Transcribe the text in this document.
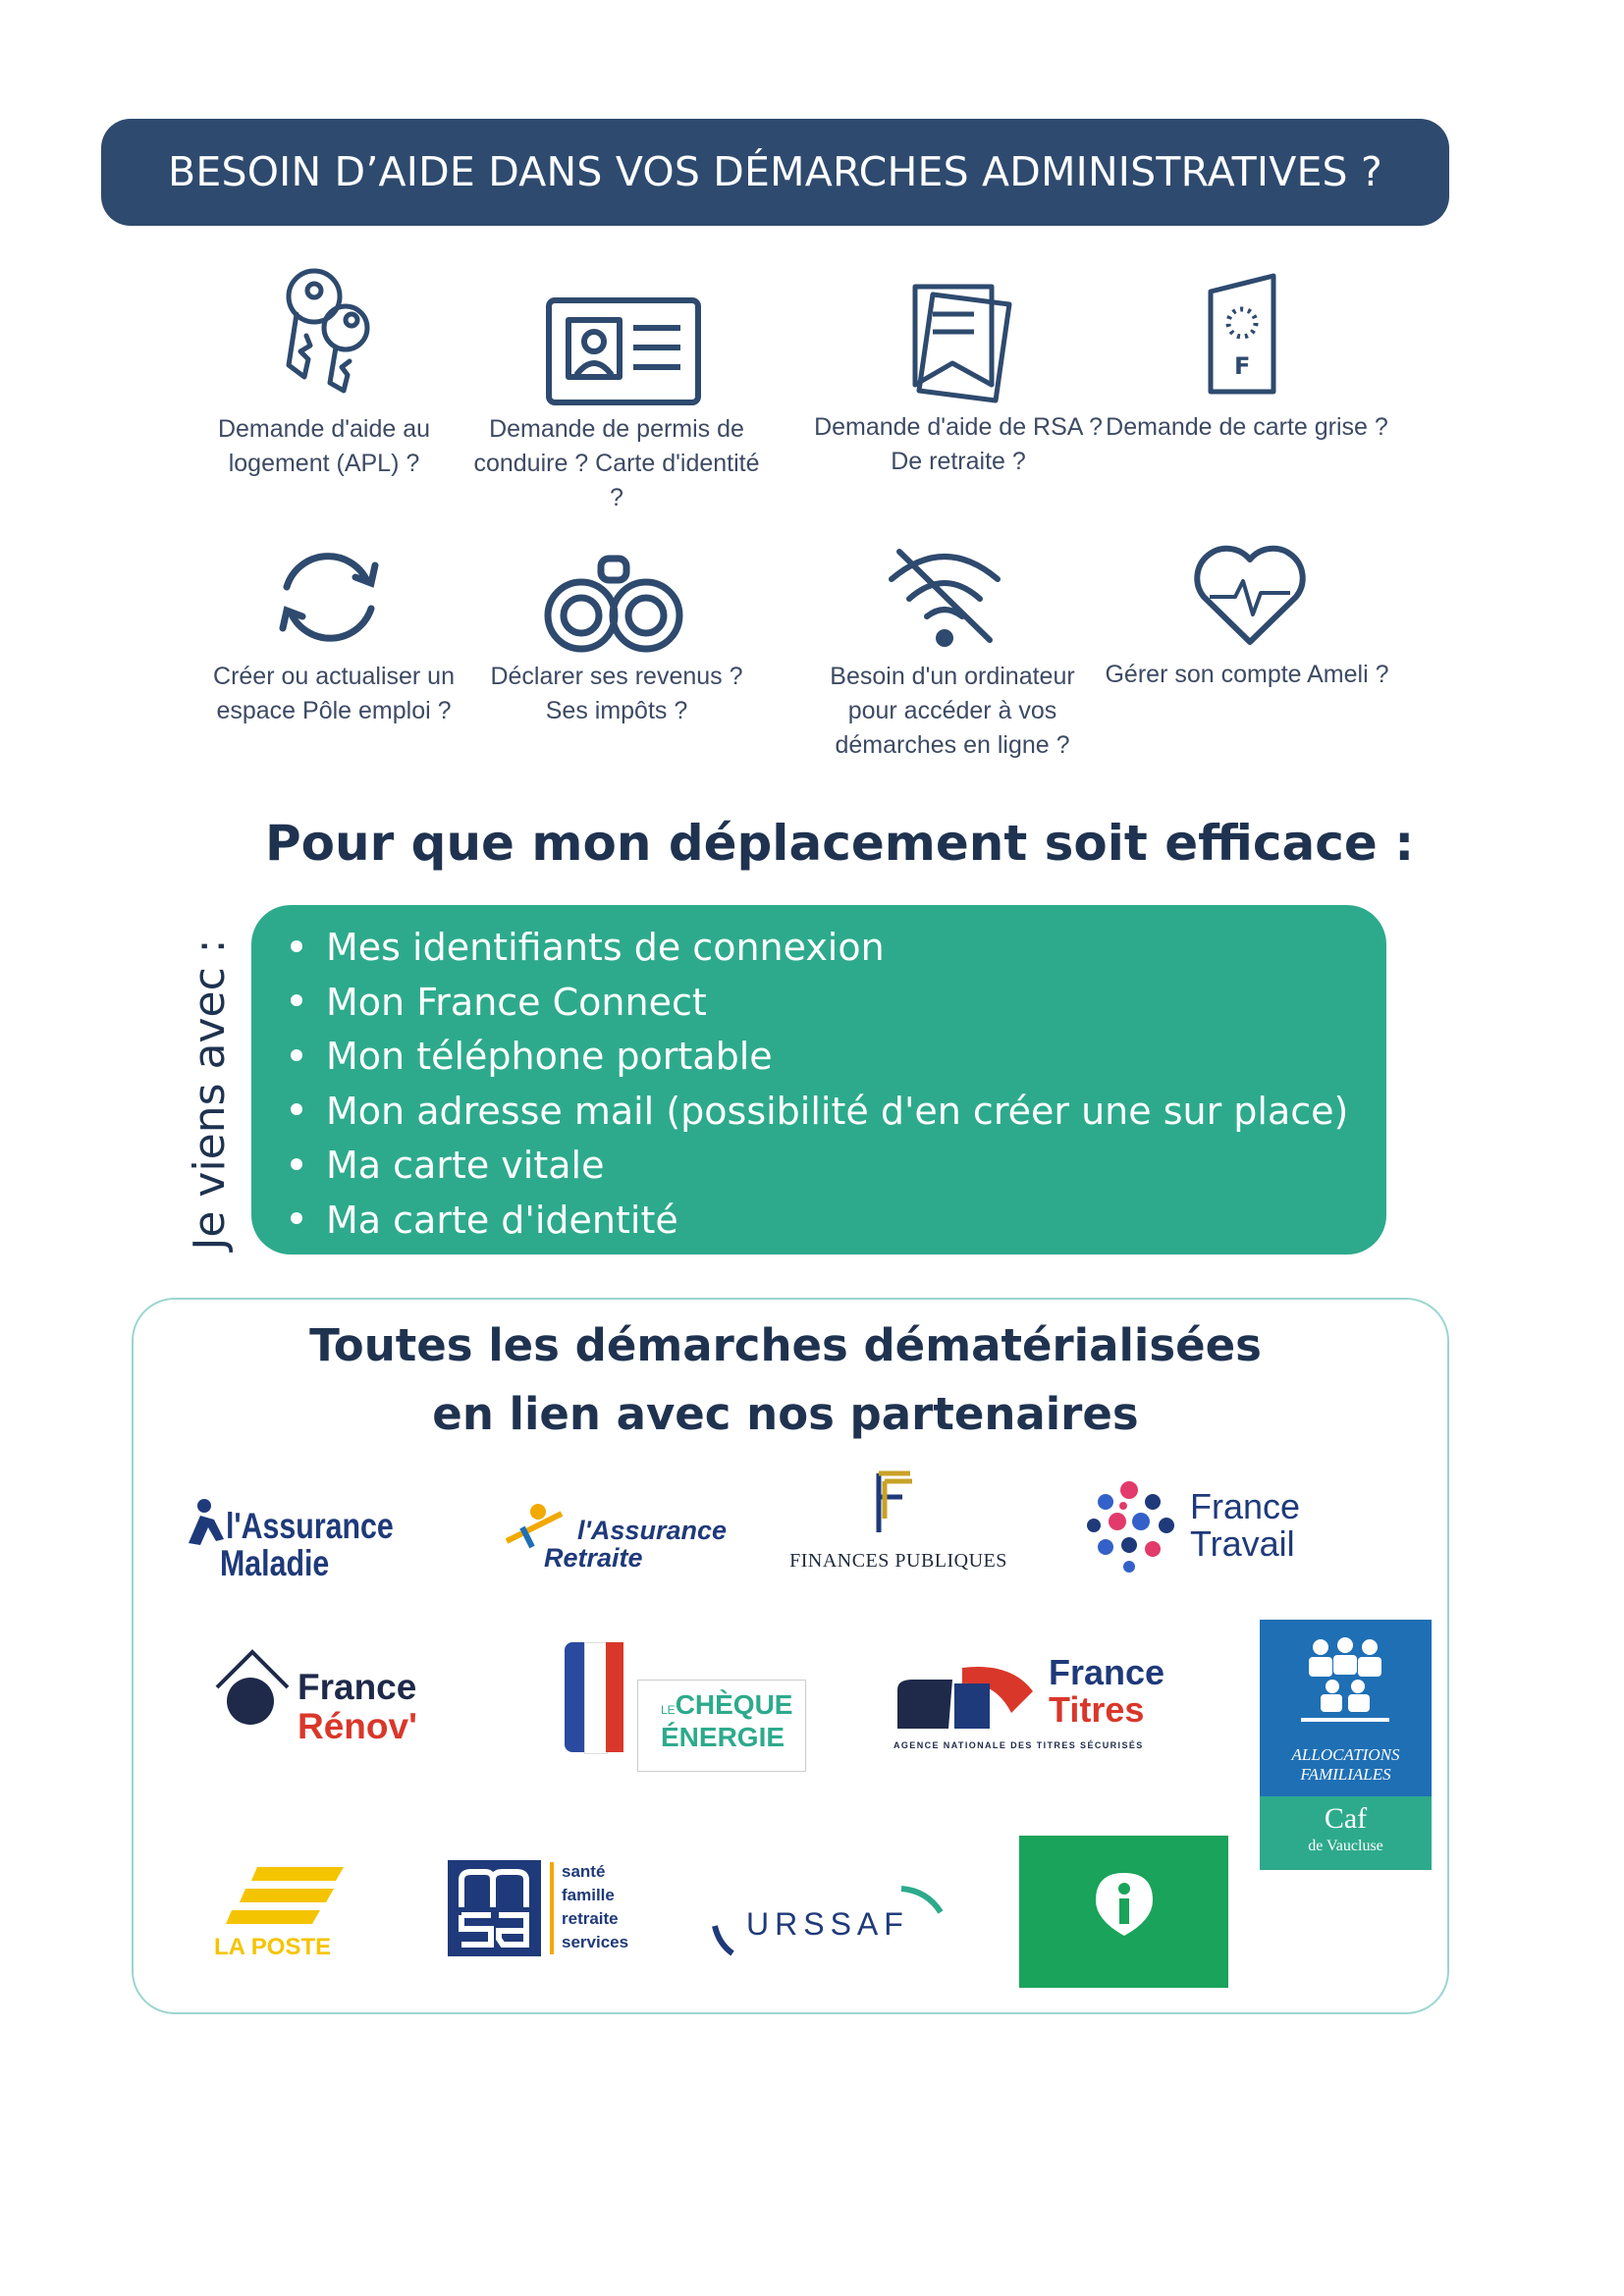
BESOIN D’AIDE DANS VOS DÉMARCHES ADMINISTRATIVES ?
F
Demande d'aide au logement (APL) ?
Demande de permis de conduire ? Carte d'identité ?
Demande d'aide de RSA ? De retraite ?
Demande de carte grise ?
Créer ou actualiser un espace Pôle emploi ?
Déclarer ses revenus ? Ses impôts ?
Besoin d'un ordinateur pour accéder à vos démarches en ligne ?
Gérer son compte Ameli ?
Pour que mon déplacement soit efficace :
Je viens avec :	Mes identifiants de connexion
Mon France Connect
Mon téléphone portable
Mon adresse mail (possibilité d'en créer une sur place)
Ma carte vitale
Ma carte d'identité
Toutes les démarches dématérialisées
en lien avec nos partenaires
l'Assurance
Maladie
l'Assurance
Retraite	FINANCES PUBLIQUES
France
Travail
France
Rénov'	LECHÈQUE
ÉNERGIE
France
Titres
AGENCE NATIONALE DES TITRES SÉCURISÉS	ALLOCATIONS
FAMILIALES
Caf
de Vaucluse
LA POSTE
santé
famille
retraite
services
URSSAF
